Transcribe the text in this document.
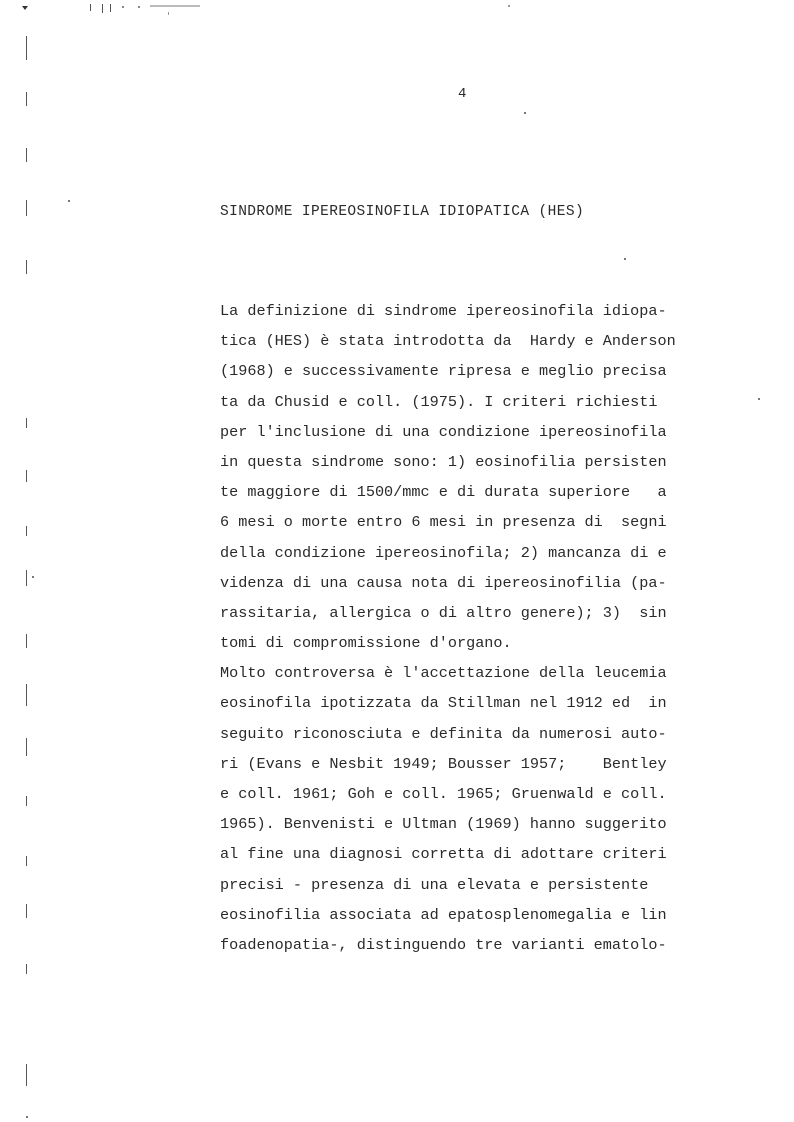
4
SINDROME IPEREOSINOFILA IDIOPATICA (HES)
La definizione di sindrome ipereosinofila idiopa-
tica (HES) è stata introdotta da  Hardy e Anderson
(1968) e successivamente ripresa e meglio precisa
ta da Chusid e coll. (1975). I criteri richiesti
per l'inclusione di una condizione ipereosinofila
in questa sindrome sono: 1) eosinofilia persisten
te maggiore di 1500/mmc e di durata superiore   a
6 mesi o morte entro 6 mesi in presenza di  segni
della condizione ipereosinofila; 2) mancanza di e
videnza di una causa nota di ipereosinofilia (pa-
rassitaria, allergica o di altro genere); 3)  sin
tomi di compromissione d'organo.
Molto controversa è l'accettazione della leucemia
eosinofila ipotizzata da Stillman nel 1912 ed  in
seguito riconosciuta e definita da numerosi auto-
ri (Evans e Nesbit 1949; Bousser 1957;    Bentley
e coll. 1961; Goh e coll. 1965; Gruenwald e coll.
1965). Benvenisti e Ultman (1969) hanno suggerito
al fine una diagnosi corretta di adottare criteri
precisi - presenza di una elevata e persistente
eosinofilia associata ad epatosplenomegalia e lin
foadenopatia-, distinguendo tre varianti ematolo-
